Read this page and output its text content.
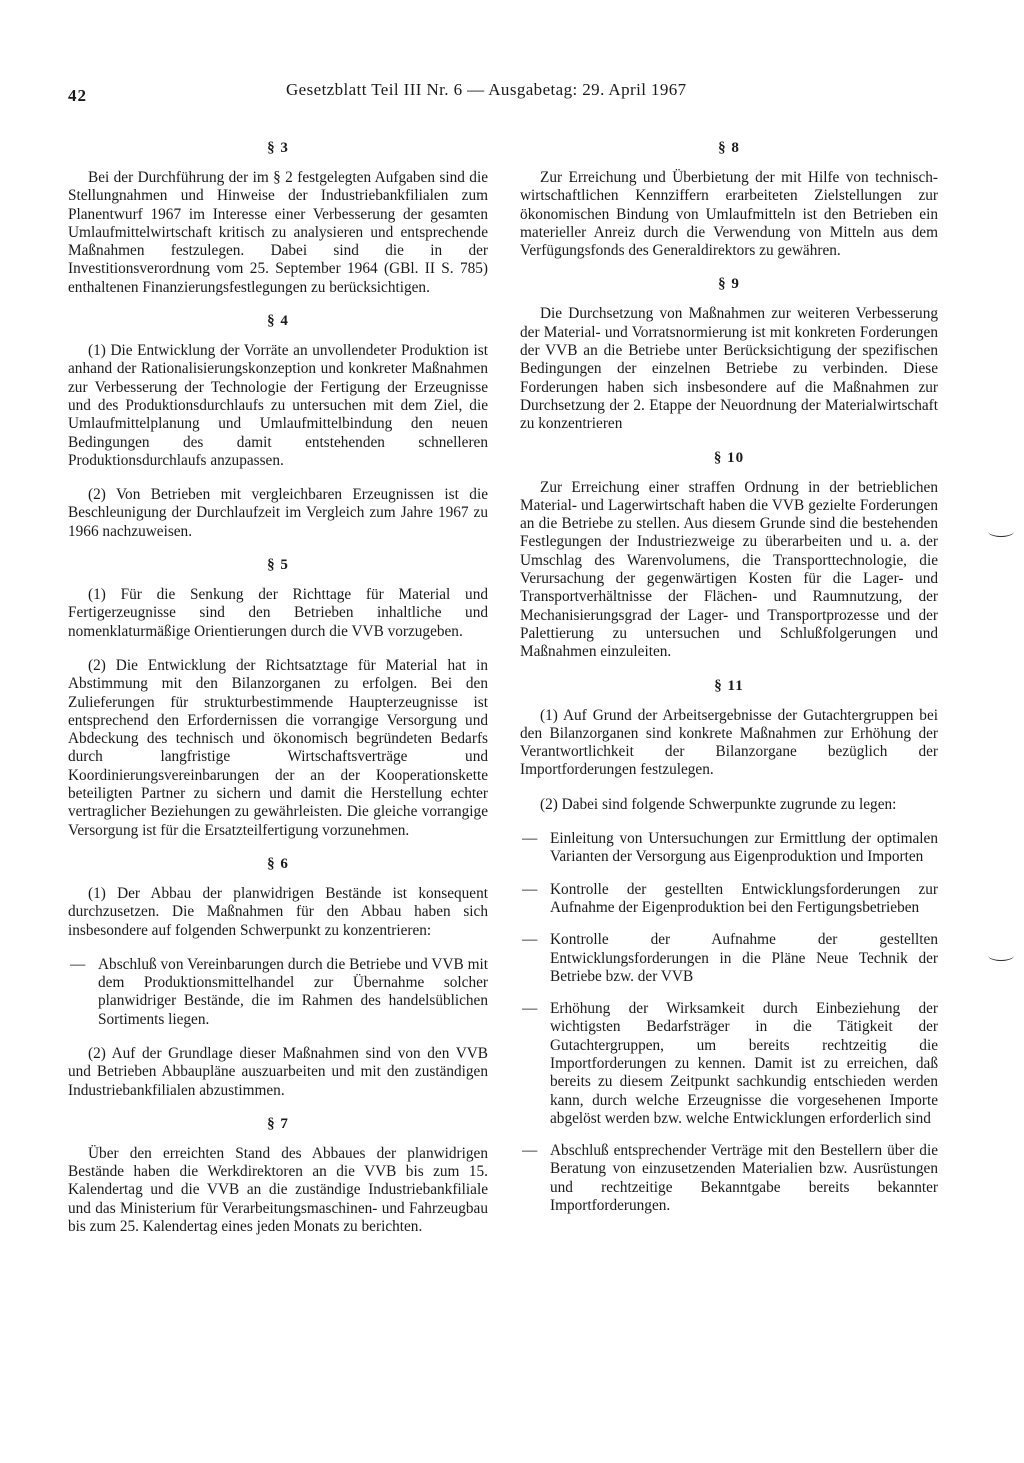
42	Gesetzblatt Teil III Nr. 6 — Ausgabetag: 29. April 1967
§ 3

Bei der Durchführung der im § 2 festgelegten Aufgaben sind die Stellungnahmen und Hinweise der Industriebankfilialen zum Planentwurf 1967 im Interesse einer Verbesserung der gesamten Umlaufmittelwirtschaft kritisch zu analysieren und entsprechende Maßnahmen festzulegen. Dabei sind die in der Investitionsverordnung vom 25. September 1964 (GBl. II S. 785) enthaltenen Finanzierungsfestlegungen zu berücksichtigen.

§ 4

(1) Die Entwicklung der Vorräte an unvollendeter Produktion ist anhand der Rationalisierungskonzeption und konkreter Maßnahmen zur Verbesserung der Technologie der Fertigung der Erzeugnisse und des Produktionsdurchlaufs zu untersuchen mit dem Ziel, die Umlaufmittelplanung und Umlaufmittelbindung den neuen Bedingungen des damit entstehenden schnelleren Produktionsdurchlaufs anzupassen.

(2) Von Betrieben mit vergleichbaren Erzeugnissen ist die Beschleunigung der Durchlaufzeit im Vergleich zum Jahre 1967 zu 1966 nachzuweisen.

§ 5

(1) Für die Senkung der Richttage für Material und Fertigerzeugnisse sind den Betrieben inhaltliche und nomenklaturmäßige Orientierungen durch die VVB vorzugeben.

(2) Die Entwicklung der Richtsatztage für Material hat in Abstimmung mit den Bilanzorganen zu erfolgen. Bei den Zulieferungen für strukturbestimmende Haupterzeugnisse ist entsprechend den Erfordernissen die vorrangige Versorgung und Abdeckung des technisch und ökonomisch begründeten Bedarfs durch langfristige Wirtschaftsverträge und Koordinierungsvereinbarungen der an der Kooperationskette beteiligten Partner zu sichern und damit die Herstellung echter vertraglicher Beziehungen zu gewährleisten. Die gleiche vorrangige Versorgung ist für die Ersatzteilfertigung vorzunehmen.

§ 6

(1) Der Abbau der planwidrigen Bestände ist konsequent durchzusetzen. Die Maßnahmen für den Abbau haben sich insbesondere auf folgenden Schwerpunkt zu konzentrieren:

— Abschluß von Vereinbarungen durch die Betriebe und VVB mit dem Produktionsmittelhandel zur Übernahme solcher planwidriger Bestände, die im Rahmen des handelsüblichen Sortiments liegen.

(2) Auf der Grundlage dieser Maßnahmen sind von den VVB und Betrieben Abbaupläne auszuarbeiten und mit den zuständigen Industriebankfilialen abzustimmen.

§ 7

Über den erreichten Stand des Abbaues der planwidrigen Bestände haben die Werkdirektoren an die VVB bis zum 15. Kalendertag und die VVB an die zuständige Industriebankfiliale und das Ministerium für Verarbeitungsmaschinen- und Fahrzeugbau bis zum 25. Kalendertag eines jeden Monats zu berichten.

§ 8

Zur Erreichung und Überbietung der mit Hilfe von technisch-wirtschaftlichen Kennziffern erarbeiteten Zielstellungen zur ökonomischen Bindung von Umlaufmitteln ist den Betrieben ein materieller Anreiz durch die Verwendung von Mitteln aus dem Verfügungsfonds des Generaldirektors zu gewähren.

§ 9

Die Durchsetzung von Maßnahmen zur weiteren Verbesserung der Material- und Vorratsnormierung ist mit konkreten Forderungen der VVB an die Betriebe unter Berücksichtigung der spezifischen Bedingungen der einzelnen Betriebe zu verbinden. Diese Forderungen haben sich insbesondere auf die Maßnahmen zur Durchsetzung der 2. Etappe der Neuordnung der Materialwirtschaft zu konzentrieren

§ 10

Zur Erreichung einer straffen Ordnung in der betrieblichen Material- und Lagerwirtschaft haben die VVB gezielte Forderungen an die Betriebe zu stellen. Aus diesem Grunde sind die bestehenden Festlegungen der Industriezweige zu überarbeiten und u. a. der Umschlag des Warenvolumens, die Transporttechnologie, die Verursachung der gegenwärtigen Kosten für die Lager- und Transportverhältnisse der Flächen- und Raumnutzung, der Mechanisierungsgrad der Lager- und Transportprozesse und der Palettierung zu untersuchen und Schlußfolgerungen und Maßnahmen einzuleiten.

§ 11

(1) Auf Grund der Arbeitsergebnisse der Gutachtergruppen bei den Bilanzorganen sind konkrete Maßnahmen zur Erhöhung der Verantwortlichkeit der Bilanzorgane bezüglich der Importforderungen festzulegen.

(2) Dabei sind folgende Schwerpunkte zugrunde zu legen:

— Einleitung von Untersuchungen zur Ermittlung der optimalen Varianten der Versorgung aus Eigenproduktion und Importen
— Kontrolle der gestellten Entwicklungsforderungen zur Aufnahme der Eigenproduktion bei den Fertigungsbetrieben
— Kontrolle der Aufnahme der gestellten Entwicklungsforderungen in die Pläne Neue Technik der Betriebe bzw. der VVB
— Erhöhung der Wirksamkeit durch Einbeziehung der wichtigsten Bedarfsträger in die Tätigkeit der Gutachtergruppen, um bereits rechtzeitig die Importforderungen zu kennen. Damit ist zu erreichen, daß bereits zu diesem Zeitpunkt sachkundig entschieden werden kann, durch welche Erzeugnisse die vorgesehenen Importe abgelöst werden bzw. welche Entwicklungen erforderlich sind
— Abschluß entsprechender Verträge mit den Bestellern über die Beratung von einzusetzenden Materialien bzw. Ausrüstungen und rechtzeitige Bekanntgabe bereits bekannter Importforderungen.
